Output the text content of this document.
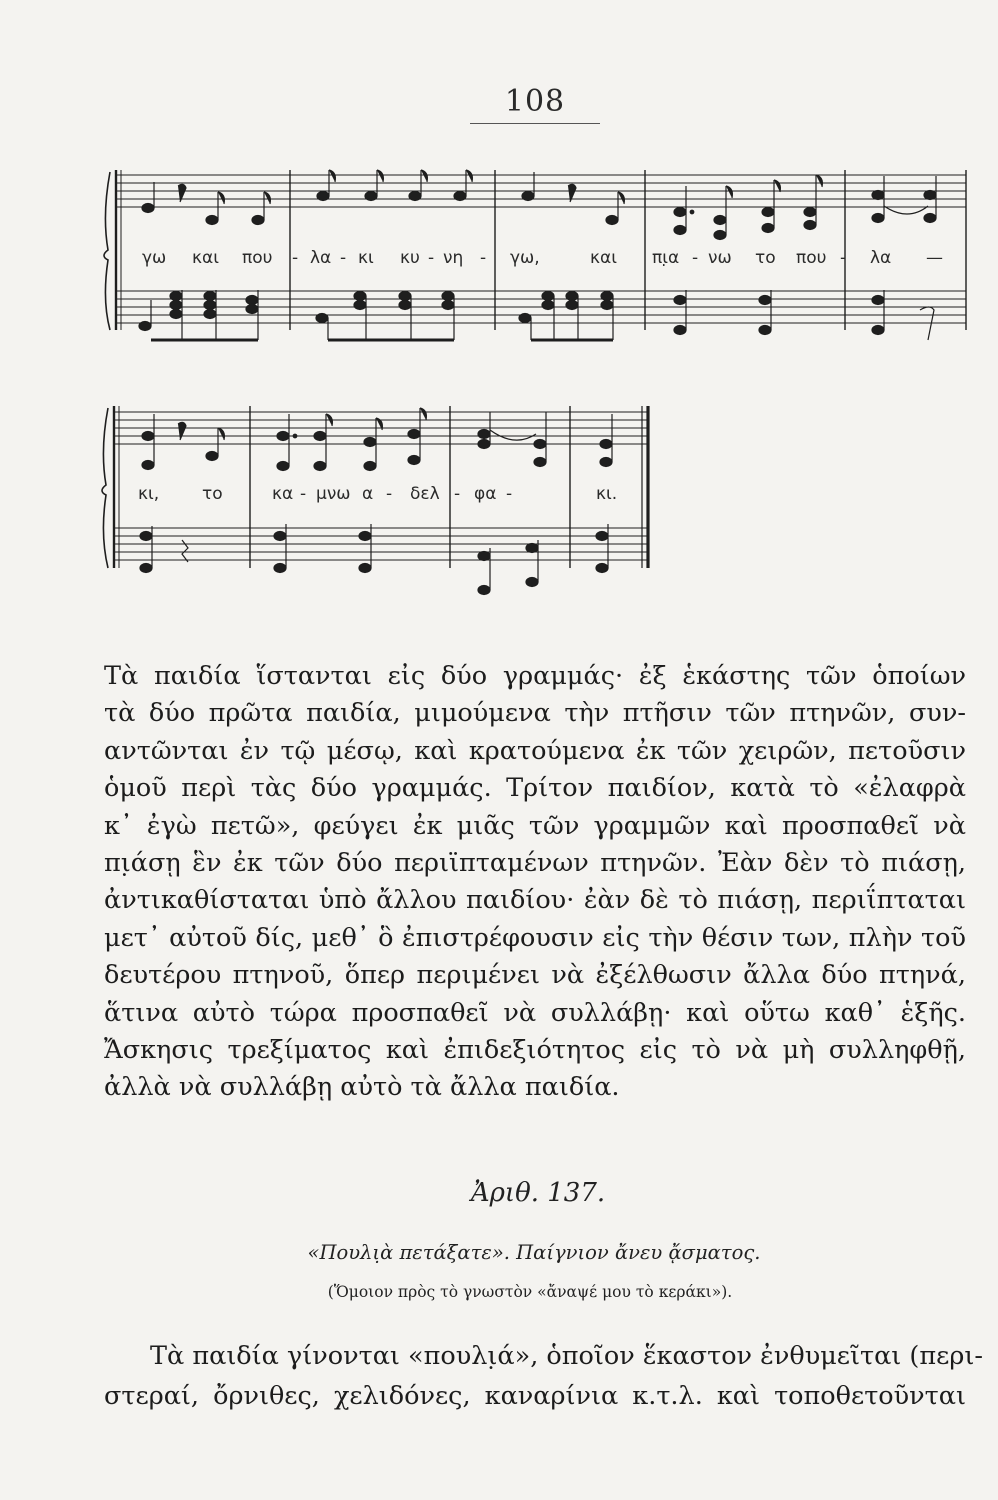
108
γω και που - λα - κι κυ - νη - γω,	και πι̣α - νω το που - λα —
κι,	το	κα - μνω α - δελ - φα -	κι.
Τὰ παιδία ἵστανται εἰς δύο γραμμάς· ἐξ ἑκάστης τῶν ὁποίων
τὰ δύο πρῶτα παιδία, μιμούμενα τὴν πτῆσιν τῶν πτηνῶν, συν-
αντῶνται ἐν τῷ μέσῳ, καὶ κρατούμενα ἐκ τῶν χειρῶν, πετοῦσιν
ὁμοῦ περὶ τὰς δύο γραμμάς. Τρίτον παιδίον, κατὰ τὸ «ἐλαφρὰ
κ᾽ ἐγὼ πετῶ», φεύγει ἐκ μιᾶς τῶν γραμμῶν καὶ προσπαθεῖ νὰ
πι̣άσῃ ἓν ἐκ τῶν δύο περιϊπταμένων πτηνῶν. Ἐὰν δὲν τὸ πιάσῃ,
ἀντικαθίσταται ὑπὸ ἄλλου παιδίου· ἐὰν δὲ τὸ πιάσῃ, περιΐπταται
μετ᾽ αὐτοῦ δίς, μεθ᾽ ὃ ἐπιστρέφουσιν εἰς τὴν θέσιν των, πλὴν τοῦ
δευτέρου πτηνοῦ, ὅπερ περιμένει νὰ ἐξέλθωσιν ἄλλα δύο πτηνά,
ἅτινα αὐτὸ τώρα προσπαθεῖ νὰ συλλάβῃ· καὶ οὕτω καθ᾽ ἑξῆς.
Ἄσκησις τρεξίματος καὶ ἐπιδεξιότητος εἰς τὸ νὰ μὴ συλληφθῇ,
ἀλλὰ νὰ συλλάβῃ αὐτὸ τὰ ἄλλα παιδία.
Ἀριθ. 137.
«Πουλι̣ὰ πετάξατε». Παίγνιον ἄνευ ᾄσματος.
(Ὅμοιον πρὸς τὸ γνωστὸν «ἄναψέ μου τὸ κεράκι»).
Τὰ παιδία γίνονται «πουλι̣ά», ὁποῖον ἕκαστον ἐνθυμεῖται (περι-
στεραί, ὄρνιθες, χελιδόνες, καναρίνια κ.τ.λ. καὶ τοποθετοῦνται
